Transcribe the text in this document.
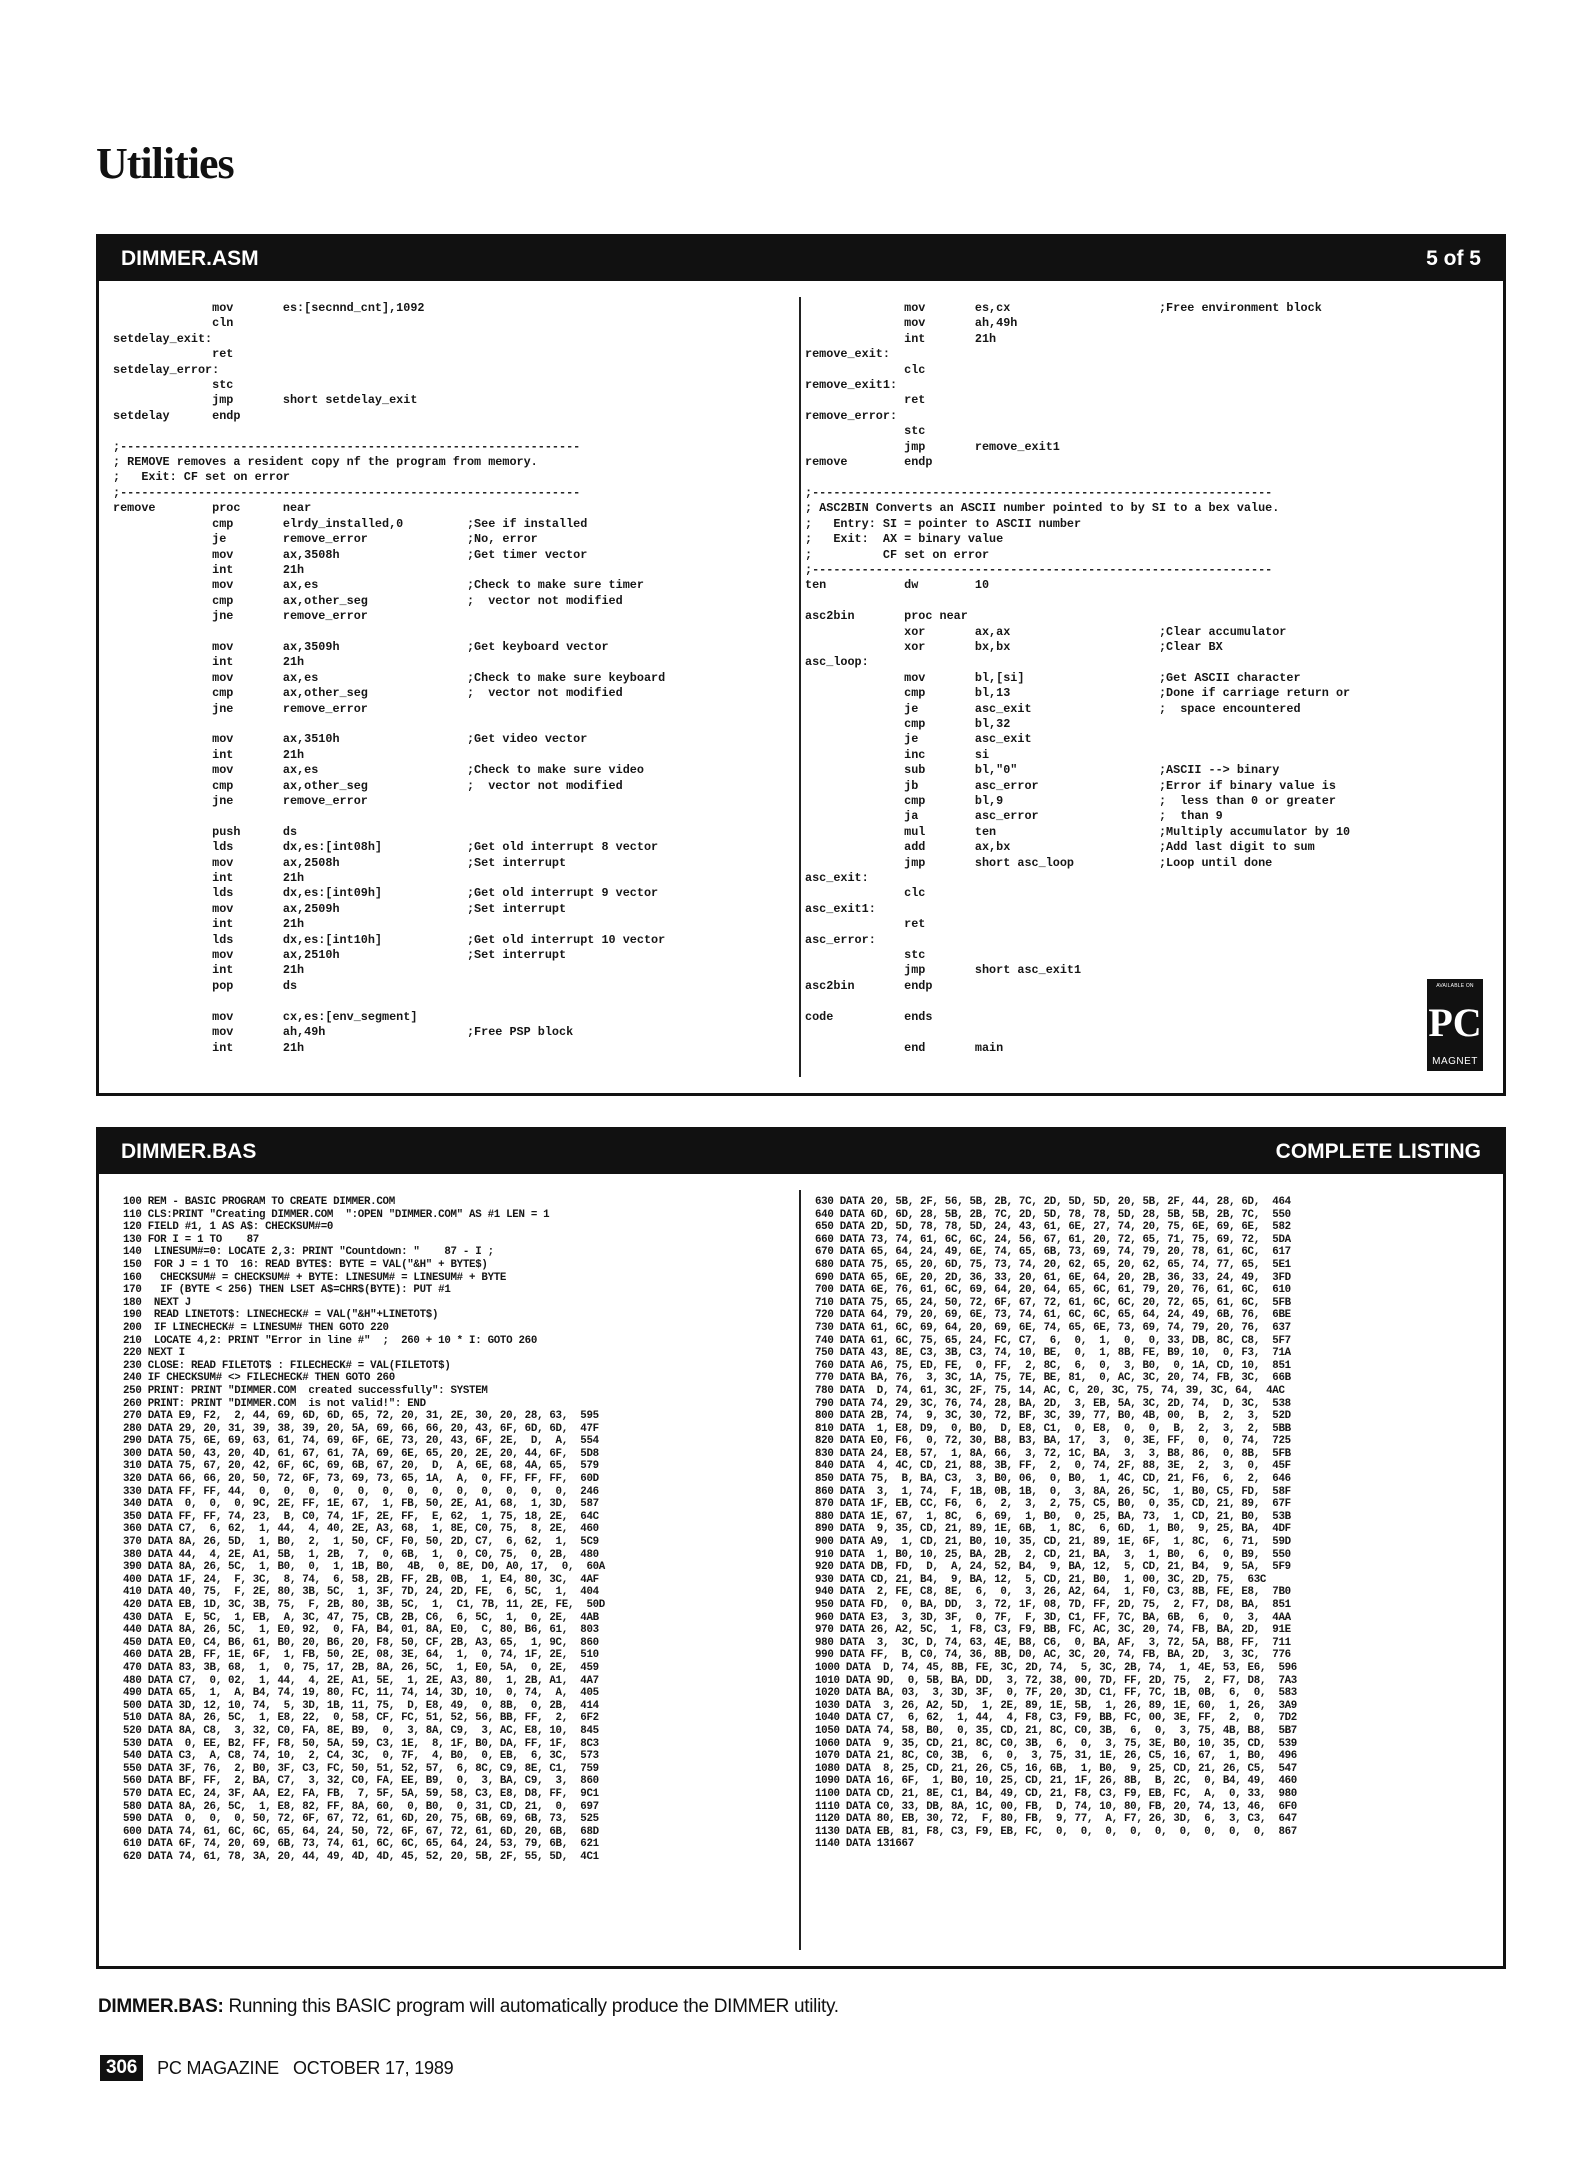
Utilities
DIMMER.ASM	5 of 5
mov       es:[secnnd_cnt],1092
cln
setdelay_exit:
ret
setdelay_error:
stc
jmp       short setdelay_exit
setdelay      endp

;-----------------------------------------------------------------
; REMOVE removes a resident copy nf the program from memory.
;   Exit: CF set on error
;-----------------------------------------------------------------
remove        proc      near
cmp       elrdy_installed,0         ;See if installed
je        remove_error              ;No, error
mov       ax,3508h                  ;Get timer vector
int       21h
mov       ax,es                     ;Check to make sure timer
cmp       ax,other_seg              ;  vector not modified
jne       remove_error

mov       ax,3509h                  ;Get keyboard vector
int       21h
mov       ax,es                     ;Check to make sure keyboard
cmp       ax,other_seg              ;  vector not modified
jne       remove_error

mov       ax,3510h                  ;Get video vector
int       21h
mov       ax,es                     ;Check to make sure video
cmp       ax,other_seg              ;  vector not modified
jne       remove_error

push      ds
lds       dx,es:[int08h]            ;Get old interrupt 8 vector
mov       ax,2508h                  ;Set interrupt
int       21h
lds       dx,es:[int09h]            ;Get old interrupt 9 vector
mov       ax,2509h                  ;Set interrupt
int       21h
lds       dx,es:[int10h]            ;Get old interrupt 10 vector
mov       ax,2510h                  ;Set interrupt
int       21h
pop       ds

mov       cx,es:[env_segment]
mov       ah,49h                    ;Free PSP block
int       21h
mov       es,cx                     ;Free environment block
mov       ah,49h
int       21h
remove_exit:
clc
remove_exit1:
ret
remove_error:
stc
jmp       remove_exit1
remove        endp

;-----------------------------------------------------------------
; ASC2BIN Converts an ASCII number pointed to by SI to a bex value.
;   Entry: SI = pointer to ASCII number
;   Exit:  AX = binary value
;          CF set on error
;-----------------------------------------------------------------
ten           dw        10

asc2bin       proc near
xor       ax,ax                     ;Clear accumulator
xor       bx,bx                     ;Clear BX
asc_loop:
mov       bl,[si]                   ;Get ASCII character
cmp       bl,13                     ;Done if carriage return or
je        asc_exit                  ;  space encountered
cmp       bl,32
je        asc_exit
inc       si
sub       bl,"0"                    ;ASCII --> binary
jb        asc_error                 ;Error if binary value is
cmp       bl,9                      ;  less than 0 or greater
ja        asc_error                 ;  than 9
mul       ten                       ;Multiply accumulator by 10
add       ax,bx                     ;Add last digit to sum
jmp       short asc_loop            ;Loop until done
asc_exit:
clc
asc_exit1:
ret
asc_error:
stc
jmp       short asc_exit1
asc2bin       endp

code          ends

end       main
AVAILABLE ON
PC
MAGNET
DIMMER.BAS	COMPLETE LISTING
100 REM - BASIC PROGRAM TO CREATE DIMMER.COM
110 CLS:PRINT "Creating DIMMER.COM  ":OPEN "DIMMER.COM" AS #1 LEN = 1
120 FIELD #1, 1 AS A$: CHECKSUM#=0
130 FOR I = 1 TO    87
140  LINESUM#=0: LOCATE 2,3: PRINT "Countdown: "    87 - I ;
150  FOR J = 1 TO  16: READ BYTE$: BYTE = VAL("&H" + BYTE$)
160   CHECKSUM# = CHECKSUM# + BYTE: LINESUM# = LINESUM# + BYTE
170   IF (BYTE < 256) THEN LSET A$=CHR$(BYTE): PUT #1
180  NEXT J
190  READ LINETOT$: LINECHECK# = VAL("&H"+LINETOT$)
200  IF LINECHECK# = LINESUM# THEN GOTO 220
210  LOCATE 4,2: PRINT "Error in line #"  ;  260 + 10 * I: GOTO 260
220 NEXT I
230 CLOSE: READ FILETOT$ : FILECHECK# = VAL(FILETOT$)
240 IF CHECKSUM# <> FILECHECK# THEN GOTO 260
250 PRINT: PRINT "DIMMER.COM  created successfully": SYSTEM
260 PRINT: PRINT "DIMMER.COM  is not valid!": END
270 DATA E9, F2,  2, 44, 69, 6D, 6D, 65, 72, 20, 31, 2E, 30, 20, 28, 63,  595
280 DATA 29, 20, 31, 39, 38, 39, 20, 5A, 69, 66, 66, 20, 43, 6F, 6D, 6D,  47F
290 DATA 75, 6E, 69, 63, 61, 74, 69, 6F, 6E, 73, 20, 43, 6F, 2E,  D,  A,  554
300 DATA 50, 43, 20, 4D, 61, 67, 61, 7A, 69, 6E, 65, 20, 2E, 20, 44, 6F,  5D8
310 DATA 75, 67, 20, 42, 6F, 6C, 69, 6B, 67, 20,  D,  A, 6E, 68, 4A, 65,  579
320 DATA 66, 66, 20, 50, 72, 6F, 73, 69, 73, 65, 1A,  A,  0, FF, FF, FF,  60D
330 DATA FF, FF, 44,  0,  0,  0,  0,  0,  0,  0,  0,  0,  0,  0,  0,  0,  246
340 DATA  0,  0,  0, 9C, 2E, FF, 1E, 67,  1, FB, 50, 2E, A1, 68,  1, 3D,  587
350 DATA FF, FF, 74, 23,  B, C0, 74, 1F, 2E, FF,  E, 62,  1, 75, 18, 2E,  64C
360 DATA C7,  6, 62,  1, 44,  4, 40, 2E, A3, 68,  1, 8E, C0, 75,  8, 2E,  460
370 DATA 8A, 26, 5D,  1, B0,  2,  1, 50, CF, F0, 50, 2D, C7,  6, 62,  1,  5C9
380 DATA 44,  4, 2E, A1, 5B,  1, 2B,  7,  0, 6B,  1,  0, C0, 75,  0, 2B,  480
390 DATA 8A, 26, 5C,  1, B0,  0,  1, 1B, B0,  4B,  0, 8E, D0, A0, 17,  0,  60A
400 DATA 1F, 24,  F, 3C,  8, 74,  6, 58, 2B, FF, 2B, 0B,  1, E4, 80, 3C,  4AF
410 DATA 40, 75,  F, 2E, 80, 3B, 5C,  1, 3F, 7D, 24, 2D, FE,  6, 5C,  1,  404
420 DATA EB, 1D, 3C, 3B, 75,  F, 2B, 80, 3B, 5C,  1,  C1, 7B, 11, 2E, FE,  50D
430 DATA  E, 5C,  1, EB,  A, 3C, 47, 75, CB, 2B, C6,  6, 5C,  1,  0, 2E,  4AB
440 DATA 8A, 26, 5C,  1, E0, 92,  0, FA, B4, 01, 8A, E0,  C, 80, B6, 61,  803
450 DATA E0, C4, B6, 61, B0, 20, B6, 20, F8, 50, CF, 2B, A3, 65,  1, 9C,  860
460 DATA 2B, FF, 1E, 6F,  1, FB, 50, 2E, 08, 3E, 64,  1,  0, 74, 1F, 2E,  510
470 DATA 83, 3B, 68,  1,  0, 75, 17, 2B, 8A, 26, 5C,  1, E0, 5A,  0, 2E,  459
480 DATA C7,  0, 02,  1, 44,  4, 2E, A1, 5E,  1, 2E, A3, 80,  1, 2B, A1,  4A7
490 DATA 65,  1,  A, B4, 74, 19, 80, FC, 11, 74, 14, 3D, 10,  0, 74,  A,  405
500 DATA 3D, 12, 10, 74,  5, 3D, 1B, 11, 75,  D, E8, 49,  0, 8B,  0, 2B,  414
510 DATA 8A, 26, 5C,  1, E8, 22,  0, 58, CF, FC, 51, 52, 56, BB, FF,  2,  6F2
520 DATA 8A, C8,  3, 32, C0, FA, 8E, B9,  0,  3, 8A, C9,  3, AC, E8, 10,  845
530 DATA  0, EE, B2, FF, F8, 50, 5A, 59, C3, 1E,  8, 1F, B0, DA, FF, 1F,  8C3
540 DATA C3,  A, C8, 74, 10,  2, C4, 3C,  0, 7F,  4, B0,  0, EB,  6, 3C,  573
550 DATA 3F, 76,  2, B0, 3F, C3, FC, 50, 51, 52, 57,  6, 8C, C9, 8E, C1,  759
560 DATA BF, FF,  2, BA, C7,  3, 32, C0, FA, EE, B9,  0,  3, BA, C9,  3,  860
570 DATA EC, 24, 3F, AA, E2, FA, FB,  7, 5F, 5A, 59, 58, C3, E8, D8, FF,  9C1
580 DATA 8A, 26, 5C,  1, E8, 82, FF, 8A, 60,  0, B0,  0, 31, CD, 21,  0,  697
590 DATA  0,  0,  0, 50, 72, 6F, 67, 72, 61, 6D, 20, 75, 6B, 69, 6B, 73,  525
600 DATA 74, 61, 6C, 6C, 65, 64, 24, 50, 72, 6F, 67, 72, 61, 6D, 20, 6B,  68D
610 DATA 6F, 74, 20, 69, 6B, 73, 74, 61, 6C, 6C, 65, 64, 24, 53, 79, 6B,  621
620 DATA 74, 61, 78, 3A, 20, 44, 49, 4D, 4D, 45, 52, 20, 5B, 2F, 55, 5D,  4C1
630 DATA 20, 5B, 2F, 56, 5B, 2B, 7C, 2D, 5D, 5D, 20, 5B, 2F, 44, 28, 6D,  464
640 DATA 6D, 6D, 28, 5B, 2B, 7C, 2D, 5D, 78, 78, 5D, 28, 5B, 5B, 2B, 7C,  550
650 DATA 2D, 5D, 78, 78, 5D, 24, 43, 61, 6E, 27, 74, 20, 75, 6E, 69, 6E,  582
660 DATA 73, 74, 61, 6C, 6C, 24, 56, 67, 61, 20, 72, 65, 71, 75, 69, 72,  5DA
670 DATA 65, 64, 24, 49, 6E, 74, 65, 6B, 73, 69, 74, 79, 20, 78, 61, 6C,  617
680 DATA 75, 65, 20, 6D, 75, 73, 74, 20, 62, 65, 20, 62, 65, 74, 77, 65,  5E1
690 DATA 65, 6E, 20, 2D, 36, 33, 20, 61, 6E, 64, 20, 2B, 36, 33, 24, 49,  3FD
700 DATA 6E, 76, 61, 6C, 69, 64, 20, 64, 65, 6C, 61, 79, 20, 76, 61, 6C,  610
710 DATA 75, 65, 24, 50, 72, 6F, 67, 72, 61, 6C, 6C, 20, 72, 65, 61, 6C,  5FB
720 DATA 64, 79, 20, 69, 6E, 73, 74, 61, 6C, 6C, 65, 64, 24, 49, 6B, 76,  6BE
730 DATA 61, 6C, 69, 64, 20, 69, 6E, 74, 65, 6E, 73, 69, 74, 79, 20, 76,  637
740 DATA 61, 6C, 75, 65, 24, FC, C7,  6,  0,  1,  0,  0, 33, DB, 8C, C8,  5F7
750 DATA 43, 8E, C3, 3B, C3, 74, 10, BE,  0,  1, 8B, FE, B9, 10,  0, F3,  71A
760 DATA A6, 75, ED, FE,  0, FF,  2, 8C,  6,  0,  3, B0,  0, 1A, CD, 10,  851
770 DATA BA, 76,  3, 3C, 1A, 75, 7E, BE, 81,  0, AC, 3C, 20, 74, FB, 3C,  66B
780 DATA  D, 74, 61, 3C, 2F, 75, 14, AC, C, 20, 3C, 75, 74, 39, 3C, 64,  4AC
790 DATA 74, 29, 3C, 76, 74, 28, BA, 2D,  3, EB, 5A, 3C, 2D, 74,  D, 3C,  538
800 DATA 2B, 74,  9, 3C, 30, 72, BF, 3C, 39, 77, B0, 4B, 00,  B,  2,  3,  52D
810 DATA  1, E8, D9,  0, B0,  D, E8, C1,  0, E8,  0,  0,  B,  2,  3,  2,  5BB
820 DATA E0, F6,  0, 72, 30, B8, B3, BA, 17,  3,  0, 3E, FF,  0,  0, 74,  725
830 DATA 24, E8, 57,  1, 8A, 66,  3, 72, 1C, BA,  3,  3, B8, 86,  0, 8B,  5FB
840 DATA  4, 4C, CD, 21, 88, 3B, FF,  2,  0, 74, 2F, 88, 3E,  2,  3,  0,  45F
850 DATA 75,  B, BA, C3,  3, B0, 06,  0, B0,  1, 4C, CD, 21, F6,  6,  2,  646
860 DATA  3,  1, 74,  F, 1B, 0B, 1B,  0,  3, 8A, 26, 5C,  1, B0, C5, FD,  58F
870 DATA 1F, EB, CC, F6,  6,  2,  3,  2, 75, C5, B0,  0, 35, CD, 21, 89,  67F
880 DATA 1E, 67,  1, 8C,  6, 69,  1, B0,  0, 25, BA, 73,  1, CD, 21, B0,  53B
890 DATA  9, 35, CD, 21, 89, 1E, 6B,  1, 8C,  6, 6D,  1, B0,  9, 25, BA,  4DF
900 DATA A9,  1, CD, 21, B0, 10, 35, CD, 21, 89, 1E, 6F,  1, 8C,  6, 71,  59D
910 DATA  1, B0, 10, 25, BA, 2B,  2, CD, 21, BA,  3,  1, B0,  6,  0, B9,  550
920 DATA DB, FD,  D,  A, 24, 52, B4,  9, BA, 12,  5, CD, 21, B4,  9, 5A,  5F9
930 DATA CD, 21, B4,  9, BA, 12,  5, CD, 21, B0,  1, 00, 3C, 2D, 75,  63C
940 DATA  2, FE, C8, 8E,  6,  0,  3, 26, A2, 64,  1, F0, C3, 8B, FE, E8,  7B0
950 DATA FD,  0, BA, DD,  3, 72, 1F, 08, 7D, FF, 2D, 75,  2, F7, D8, BA,  851
960 DATA E3,  3, 3D, 3F,  0, 7F,  F, 3D, C1, FF, 7C, BA, 6B,  6,  0,  3,  4AA
970 DATA 26, A2, 5C,  1, F8, C3, F9, BB, FC, AC, 3C, 20, 74, FB, BA, 2D,  91E
980 DATA  3,  3C, D, 74, 63, 4E, B8, C6,  0, BA, AF,  3, 72, 5A, B8, FF,  711
990 DATA FF,  B, C0, 74, 36, 8B, D0, AC, 3C, 20, 74, FB, BA, 2D,  3, 3C,  776
1000 DATA  D, 74, 45, 8B, FE, 3C, 2D, 74,  5, 3C, 2B, 74,  1, 4E, 53, E6,  596
1010 DATA 9D,  0, 5B, BA, DD,  3, 72, 38, 00, 7D, FF, 2D, 75,  2, F7, D8,  7A3
1020 DATA BA, 03,  3, 3D, 3F,  0, 7F, 20, 3D, C1, FF, 7C, 1B, 0B,  6,  0,  583
1030 DATA  3, 26, A2, 5D,  1, 2E, 89, 1E, 5B,  1, 26, 89, 1E, 60,  1, 26,  3A9
1040 DATA C7,  6, 62,  1, 44,  4, F8, C3, F9, BB, FC, 00, 3E, FF,  2,  0,  7D2
1050 DATA 74, 58, B0,  0, 35, CD, 21, 8C, C0, 3B,  6,  0,  3, 75, 4B, B8,  5B7
1060 DATA  9, 35, CD, 21, 8C, C0, 3B,  6,  0,  3, 75, 3E, B0, 10, 35, CD,  539
1070 DATA 21, 8C, C0, 3B,  6,  0,  3, 75, 31, 1E, 26, C5, 16, 67,  1, B0,  496
1080 DATA  8, 25, CD, 21, 26, C5, 16, 6B,  1, B0,  9, 25, CD, 21, 26, C5,  547
1090 DATA 16, 6F,  1, B0, 10, 25, CD, 21, 1F, 26, 8B,  B, 2C,  0, B4, 49,  460
1100 DATA CD, 21, 8E, C1, B4, 49, CD, 21, F8, C3, F9, EB, FC,  A,  0, 33,  980
1110 DATA C0, 33, DB, 8A, 1C, 00, FB,  D, 74, 10, 80, FB, 20, 74, 13, 46,  6F0
1120 DATA 80, EB, 30, 72,  F, 80, FB,  9, 77,  A, F7, 26, 3D,  6,  3, C3,  647
1130 DATA EB, 81, F8, C3, F9, EB, FC,  0,  0,  0,  0,  0,  0,  0,  0,  0,  867
1140 DATA 131667
DIMMER.BAS: Running this BASIC program will automatically produce the DIMMER utility.
306	PC MAGAZINE OCTOBER 17, 1989
